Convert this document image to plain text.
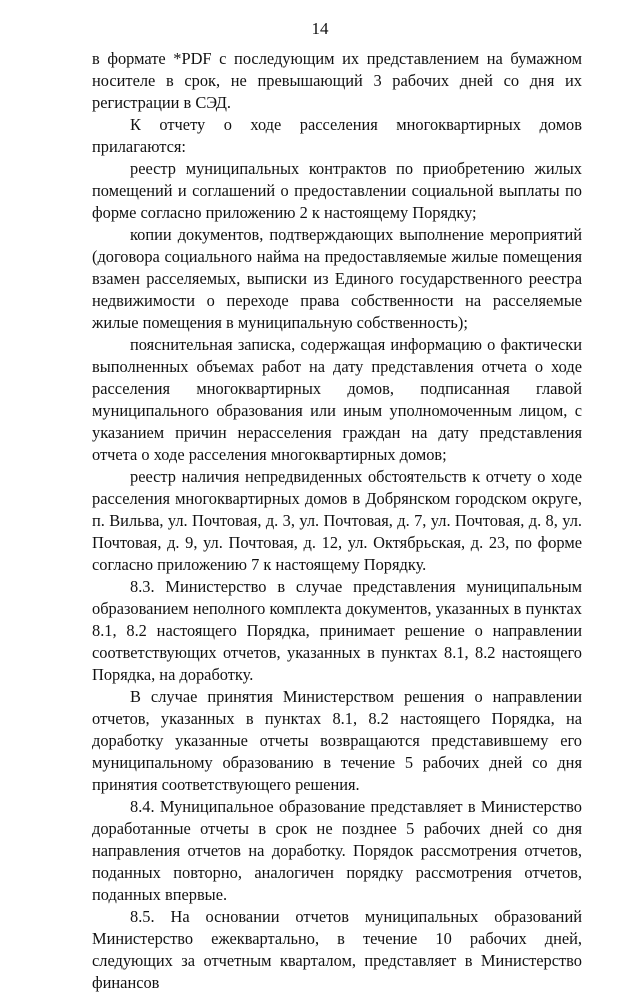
14

в формате *PDF с последующим их представлением на бумажном носителе в срок, не превышающий 3 рабочих дней со дня их регистрации в СЭД.

К отчету о ходе расселения многоквартирных домов прилагаются:

реестр муниципальных контрактов по приобретению жилых помещений и соглашений о предоставлении социальной выплаты по форме согласно приложению 2 к настоящему Порядку;

копии документов, подтверждающих выполнение мероприятий (договора социального найма на предоставляемые жилые помещения взамен расселяемых, выписки из Единого государственного реестра недвижимости о переходе права собственности на расселяемые жилые помещения в муниципальную собственность);

пояснительная записка, содержащая информацию о фактически выполненных объемах работ на дату представления отчета о ходе расселения многоквартирных домов, подписанная главой муниципального образования или иным уполномоченным лицом, с указанием причин нерасселения граждан на дату представления отчета о ходе расселения многоквартирных домов;

реестр наличия непредвиденных обстоятельств к отчету о ходе расселения многоквартирных домов в Добрянском городском округе, п. Вильва, ул. Почтовая, д. 3, ул. Почтовая, д. 7, ул. Почтовая, д. 8, ул. Почтовая, д. 9, ул. Почтовая, д. 12, ул. Октябрьская, д. 23, по форме согласно приложению 7 к настоящему Порядку.

8.3. Министерство в случае представления муниципальным образованием неполного комплекта документов, указанных в пунктах 8.1, 8.2 настоящего Порядка, принимает решение о направлении соответствующих отчетов, указанных в пунктах 8.1, 8.2 настоящего Порядка, на доработку.

В случае принятия Министерством решения о направлении отчетов, указанных в пунктах 8.1, 8.2 настоящего Порядка, на доработку указанные отчеты возвращаются представившему его муниципальному образованию в течение 5 рабочих дней со дня принятия соответствующего решения.

8.4. Муниципальное образование представляет в Министерство доработанные отчеты в срок не позднее 5 рабочих дней со дня направления отчетов на доработку. Порядок рассмотрения отчетов, поданных повторно, аналогичен порядку рассмотрения отчетов, поданных впервые.

8.5. На основании отчетов муниципальных образований Министерство ежеквартально, в течение 10 рабочих дней, следующих за отчетным кварталом, представляет в Министерство финансов
